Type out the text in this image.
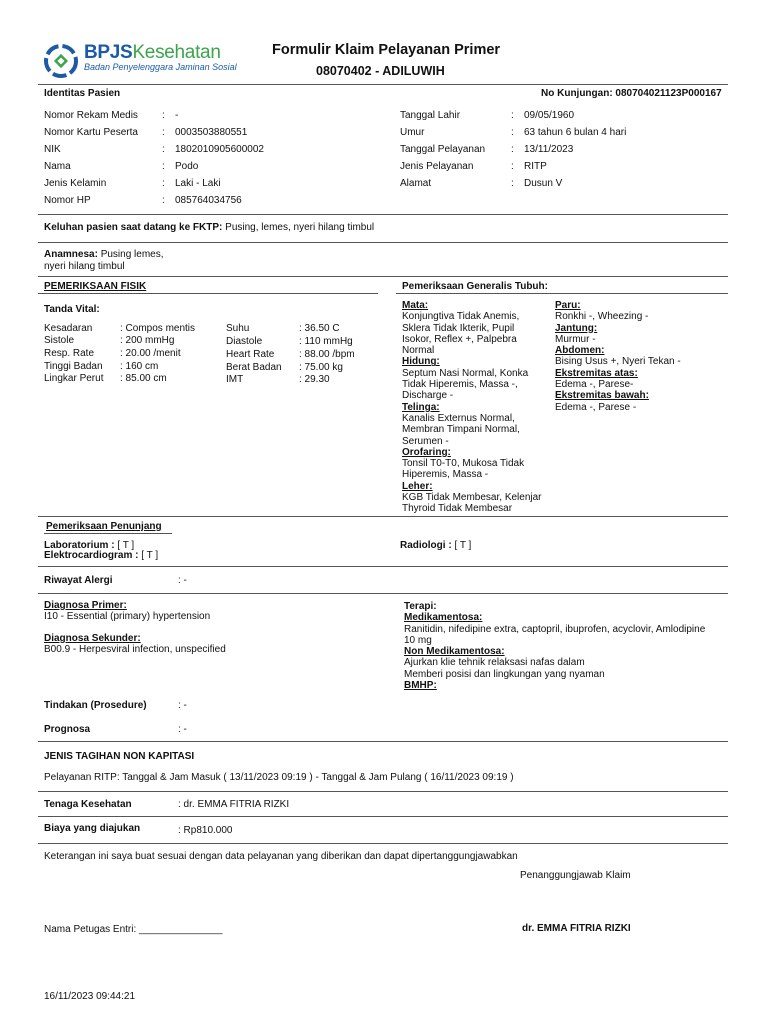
BPJSKesehatan
Badan Penyelenggara Jaminan Sosial
Formulir Klaim Pelayanan Primer
08070402 - ADILUWIH
Identitas Pasien	No Kunjungan: 080704021123P000167
Nomor Rekam Medis : -
Nomor Kartu Peserta : 0003503880551
NIK	: 1802010905600002
Nama	: Podo
Jenis Kelamin	: Laki - Laki
Nomor HP	: 085764034756
Tanggal Lahir	: 09/05/1960
Umur	: 63 tahun 6 bulan 4 hari
Tanggal Pelayanan	: 13/11/2023
Jenis Pelayanan	: RITP
Alamat	: Dusun V
Keluhan pasien saat datang ke FKTP: Pusing, lemes, nyeri hilang timbul
Anamnesa: Pusing lemes,
nyeri hilang timbul
PEMERIKSAAN FISIK
Tanda Vital:
Kesadaran	: Compos mentis
Sistole	: 200 mmHg
Resp. Rate	: 20.00 /menit
Tinggi Badan : 160 cm
Lingkar Perut : 85.00 cm
Suhu	: 36.50 C
Diastole	: 110 mmHg
Heart Rate : 88.00 /bpm
Berat Badan : 75.00 kg
IMT	: 29.30
Pemeriksaan Generalis Tubuh:
Mata:
Konjungtiva Tidak Anemis,
Sklera Tidak Ikterik, Pupil
Isokor, Reflex +, Palpebra
Normal
Hidung:
Septum Nasi Normal, Konka
Tidak Hiperemis, Massa -,
Discharge -
Telinga:
Kanalis Externus Normal,
Membran Timpani Normal,
Serumen -
Orofaring:
Tonsil T0-T0, Mukosa Tidak
Hiperemis, Massa -
Leher:
KGB Tidak Membesar, Kelenjar
Thyroid Tidak Membesar
Paru:
Ronkhi -, Wheezing -
Jantung:
Murmur -
Abdomen:
Bising Usus +, Nyeri Tekan -
Ekstremitas atas:
Edema -, Parese-
Ekstremitas bawah:
Edema -, Parese -
Pemeriksaan Penunjang
Laboratorium : [ T ]
Elektrocardiogram : [ T ]
Radiologi : [ T ]
Riwayat Alergi	: -
Diagnosa Primer:
I10 - Essential (primary) hypertension
Diagnosa Sekunder:
B00.9 - Herpesviral infection, unspecified
Terapi:
Medikamentosa:
Ranitidin, nifedipine extra, captopril, ibuprofen, acyclovir, Amlodipine
10 mg
Non Medikamentosa:
Ajurkan klie tehnik relaksasi nafas dalam
Memberi posisi dan lingkungan yang nyaman
BMHP:
Tindakan (Prosedure)	: -
Prognosa	: -
JENIS TAGIHAN NON KAPITASI
Pelayanan RITP: Tanggal & Jam Masuk ( 13/11/2023 09:19 ) - Tanggal & Jam Pulang ( 16/11/2023 09:19 )
Tenaga Kesehatan	: dr. EMMA FITRIA RIZKI
Biaya yang diajukan	: Rp810.000
Keterangan ini saya buat sesuai dengan data pelayanan yang diberikan dan dapat dipertanggungjawabkan
Penanggungjawab Klaim
Nama Petugas Entri: _______________	dr. EMMA FITRIA RIZKI
16/11/2023 09:44:21
